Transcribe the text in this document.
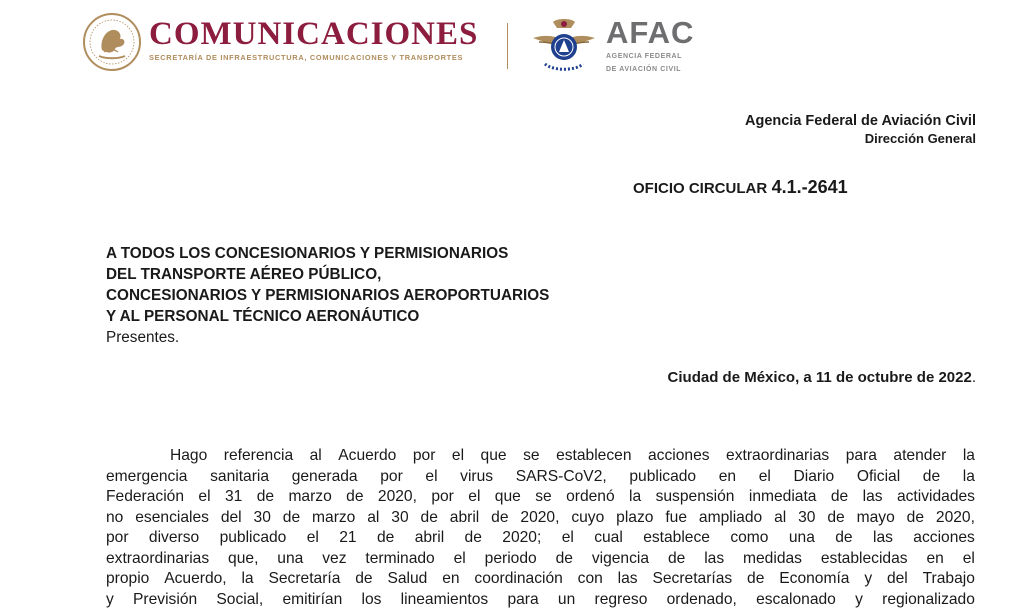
COMUNICACIONES
SECRETARÍA DE INFRAESTRUCTURA, COMUNICACIONES Y TRANSPORTES
AFAC
AGENCIA FEDERAL
DE AVIACIÓN CIVIL
Agencia Federal de Aviación Civil
Dirección General
OFICIO CIRCULAR 4.1.-2641
A TODOS LOS CONCESIONARIOS Y PERMISIONARIOS
DEL TRANSPORTE AÉREO PÚBLICO,
CONCESIONARIOS Y PERMISIONARIOS AEROPORTUARIOS
Y AL PERSONAL TÉCNICO AERONÁUTICO
Presentes.
Ciudad de México, a 11 de octubre de 2022.
Hago referencia al Acuerdo por el que se establecen acciones extraordinarias para atender la
emergencia sanitaria generada por el virus SARS-CoV2, publicado en el Diario Oficial de la
Federación el 31 de marzo de 2020, por el que se ordenó la suspensión inmediata de las actividades
no esenciales del 30 de marzo al 30 de abril de 2020, cuyo plazo fue ampliado al 30 de mayo de 2020,
por diverso publicado el 21 de abril de 2020; el cual establece como una de las acciones
extraordinarias que, una vez terminado el periodo de vigencia de las medidas establecidas en el
propio Acuerdo, la Secretaría de Salud en coordinación con las Secretarías de Economía y del Trabajo
y Previsión Social, emitirían los lineamientos para un regreso ordenado, escalonado y regionalizado
